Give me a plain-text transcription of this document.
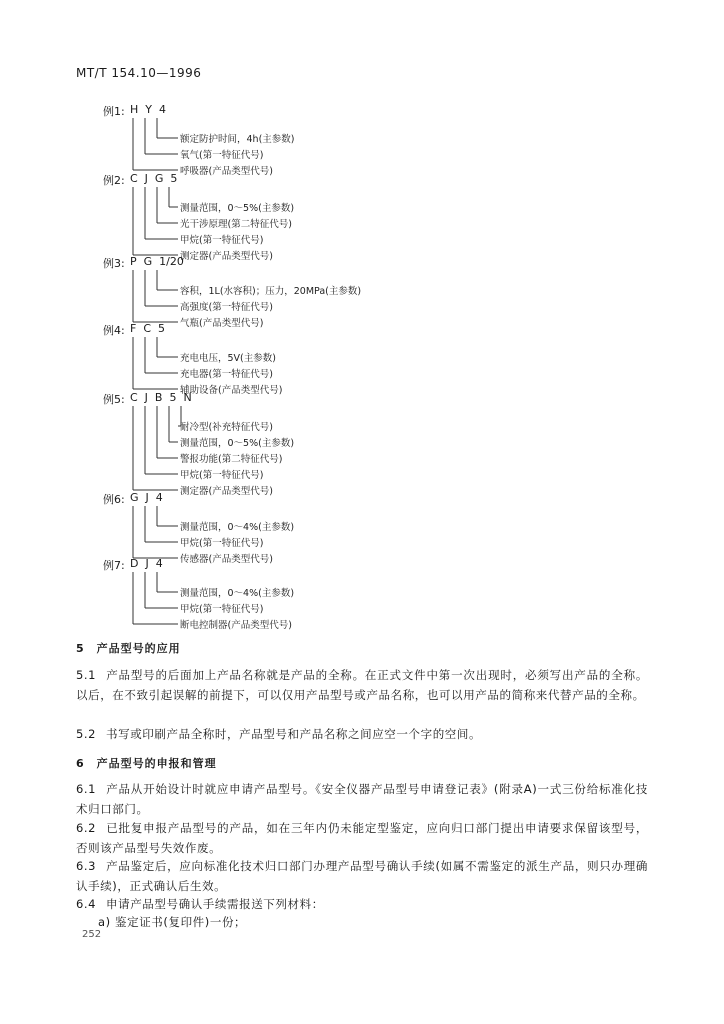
MT/T 154.10—1996
例1: H  Y  4
额定防护时间，4h(主参数)
氧气(第一特征代号)
呼吸器(产品类型代号)
例2: C  J  G  5
测量范围，0～5%(主参数)
光干涉原理(第二特征代号)
甲烷(第一特征代号)
测定器(产品类型代号)
例3: P  G  1/20
容积，1L(水容积)；压力，20MPa(主参数)
高强度(第一特征代号)
气瓶(产品类型代号)
例4: F  C  5
充电电压，5V(主参数)
充电器(第一特征代号)
辅助设备(产品类型代号)
例5: C  J  B  5  N
耐冷型(补充特征代号)
测量范围，0～5%(主参数)
警报功能(第二特征代号)
甲烷(第一特征代号)
测定器(产品类型代号)
例6: G  J  4
测量范围，0～4%(主参数)
甲烷(第一特征代号)
传感器(产品类型代号)
例7: D  J  4
测量范围，0～4%(主参数)
甲烷(第一特征代号)
断电控制器(产品类型代号)
5　产品型号的应用
5.1 产品型号的后面加上产品名称就是产品的全称。在正式文件中第一次出现时，必须写出产品的全称。以后，在不致引起误解的前提下，可以仅用产品型号或产品名称，也可以用产品的简称来代替产品的全称。
5.2 书写或印刷产品全称时，产品型号和产品名称之间应空一个字的空间。
6　产品型号的申报和管理
6.1 产品从开始设计时就应申请产品型号。《安全仪器产品型号申请登记表》(附录A)一式三份给标准化技术归口部门。
6.2 已批复申报产品型号的产品，如在三年内仍未能定型鉴定，应向归口部门提出申请要求保留该型号，否则该产品型号失效作废。
6.3 产品鉴定后，应向标准化技术归口部门办理产品型号确认手续(如属不需鉴定的派生产品，则只办理确认手续)，正式确认后生效。
6.4 申请产品型号确认手续需报送下列材料：
a) 鉴定证书(复印件)一份；
252
